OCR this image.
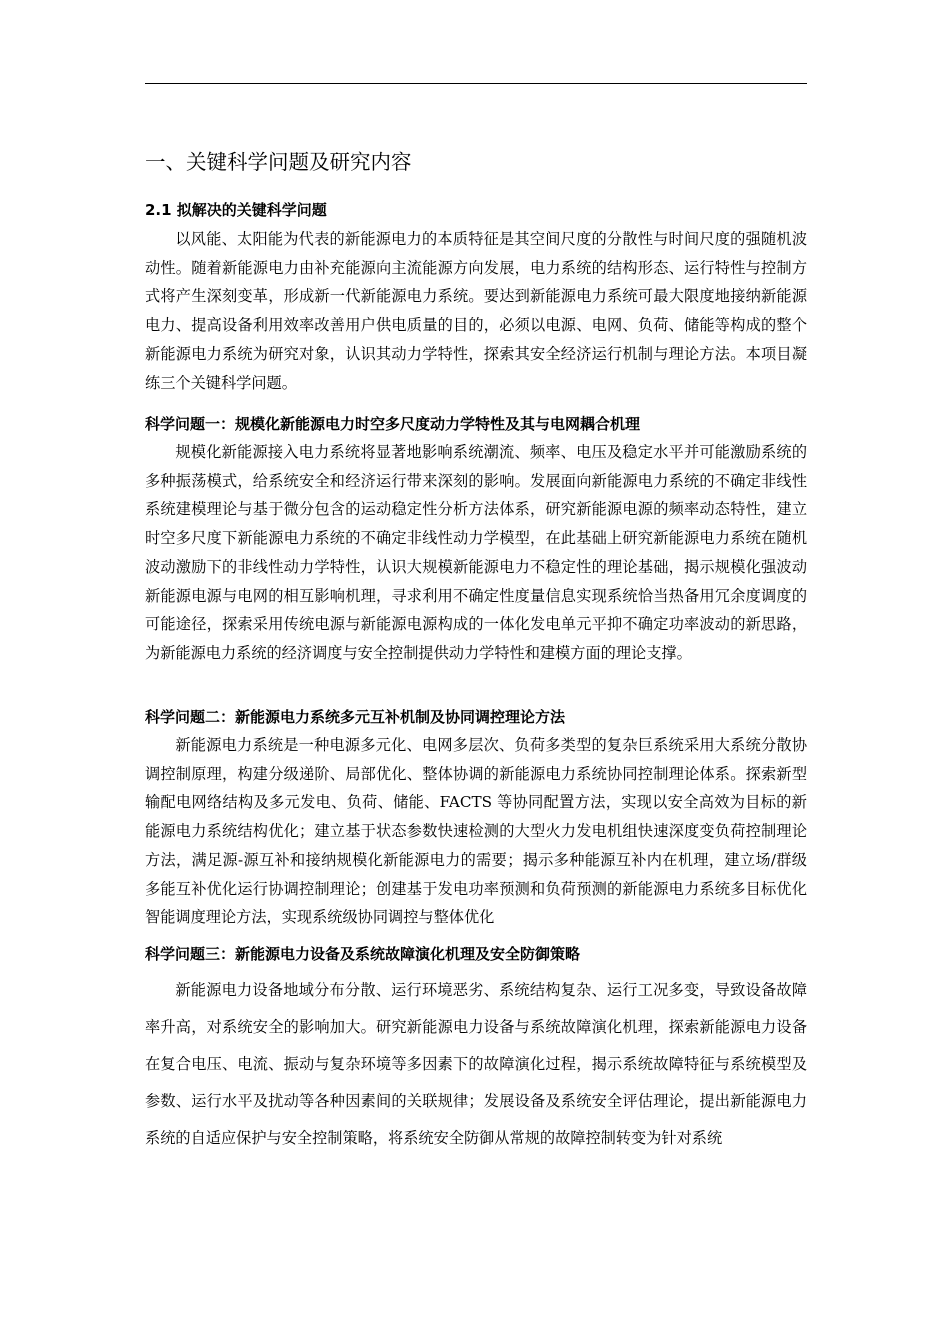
一、关键科学问题及研究内容
2.1 拟解决的关键科学问题

以风能、太阳能为代表的新能源电力的本质特征是其空间尺度的分散性与时间尺度的强随机波动性。随着新能源电力由补充能源向主流能源方向发展，电力系统的结构形态、运行特性与控制方式将产生深刻变革，形成新一代新能源电力系统。要达到新能源电力系统可最大限度地接纳新能源电力、提高设备利用效率改善用户供电质量的目的，必须以电源、电网、负荷、储能等构成的整个新能源电力系统为研究对象，认识其动力学特性，探索其安全经济运行机制与理论方法。本项目凝练三个关键科学问题。

科学问题一：规模化新能源电力时空多尺度动力学特性及其与电网耦合机理

规模化新能源接入电力系统将显著地影响系统潮流、频率、电压及稳定水平并可能激励系统的多种振荡模式，给系统安全和经济运行带来深刻的影响。发展面向新能源电力系统的不确定非线性系统建模理论与基于微分包含的运动稳定性分析方法体系，研究新能源电源的频率动态特性，建立时空多尺度下新能源电力系统的不确定非线性动力学模型，在此基础上研究新能源电力系统在随机波动激励下的非线性动力学特性，认识大规模新能源电力不稳定性的理论基础，揭示规模化强波动新能源电源与电网的相互影响机理，寻求利用不确定性度量信息实现系统恰当热备用冗余度调度的可能途径，探索采用传统电源与新能源电源构成的一体化发电单元平抑不确定功率波动的新思路，为新能源电力系统的经济调度与安全控制提供动力学特性和建模方面的理论支撑。

科学问题二：新能源电力系统多元互补机制及协同调控理论方法

新能源电力系统是一种电源多元化、电网多层次、负荷多类型的复杂巨系统采用大系统分散协调控制原理，构建分级递阶、局部优化、整体协调的新能源电力系统协同控制理论体系。探索新型输配电网络结构及多元发电、负荷、储能、FACTS 等协同配置方法，实现以安全高效为目标的新能源电力系统结构优化；建立基于状态参数快速检测的大型火力发电机组快速深度变负荷控制理论方法，满足源-源互补和接纳规模化新能源电力的需要；揭示多种能源互补内在机理，建立场/群级多能互补优化运行协调控制理论；创建基于发电功率预测和负荷预测的新能源电力系统多目标优化智能调度理论方法，实现系统级协同调控与整体优化

科学问题三：新能源电力设备及系统故障演化机理及安全防御策略

新能源电力设备地域分布分散、运行环境恶劣、系统结构复杂、运行工况多变，导致设备故障率升高，对系统安全的影响加大。研究新能源电力设备与系统故障演化机理，探索新能源电力设备在复合电压、电流、振动与复杂环境等多因素下的故障演化过程，揭示系统故障特征与系统模型及参数、运行水平及扰动等各种因素间的关联规律；发展设备及系统安全评估理论，提出新能源电力系统的自适应保护与安全控制策略，将系统安全防御从常规的故障控制转变为针对系统
